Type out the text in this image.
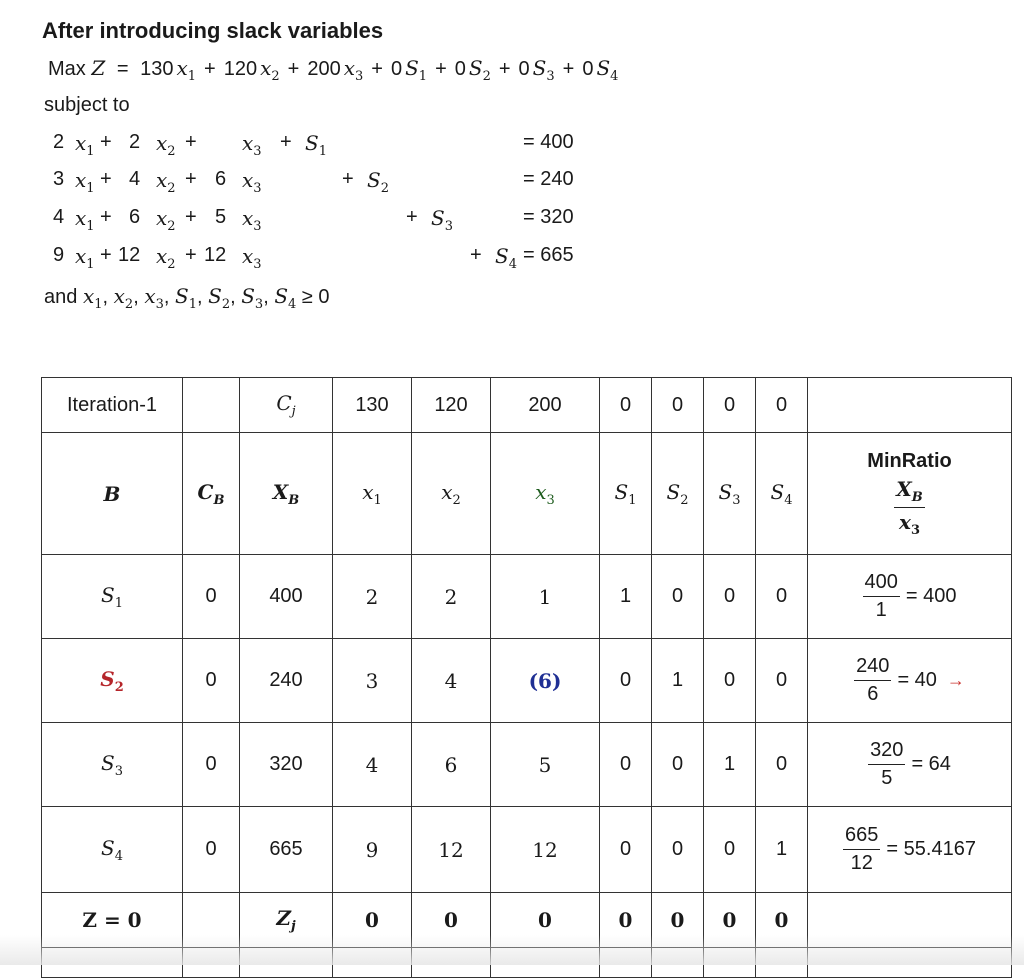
After introducing slack variables
Max Z = 130 $x_1 + 120$ $x_2 + 200$ $x_3 + 0$ $S_1 + 0$ $S_2 + 0$ $S_3 + 0$ $S_4$
subject to
2 $x_1 + 2$ $x_2 + x_3 + S_1$	= 400
3 $x_1 + 4$ $x_2 + 6$ $x_3$	+ $S_2$	= 240
4 $x_1 + 6$ $x_2 + 5$ $x_3$	+ $S_3$	= 320
9 $x_1 + 12$ $x_2 + 12$ $x_3$	+ $S_4 = 665$
and $x_1$, $x_2$, $x_3$, $S_1$, $S_2$, $S_3$, $S_4 \ge 0$
Iteration-1		$C_j$	130	120	200	0	0	0	0	
B	$C_B$	$X_B$	$x_1$	$x_2$	$x_3$	$S_1$	$S_2$	$S_3$	$S_4$	MinRatio
$\frac{X_B}{x_3}$

$S_1$	0	400	2	2	1	1	0	0	0	$\frac{400}{1} = 400$

$S_2$	0	240	3	4	(6)	0	1	0	0	$\frac{240}{6} = 40$ →

$S_3$	0	320	4	6	5	0	0	1	0	$\frac{320}{5} = 64$

$S_4$	0	665	9	12	12	0	0	0	1	$\frac{665}{12} = 55.4167$

Z = 0		$Z_j$	0	0	0	0	0	0	0	
